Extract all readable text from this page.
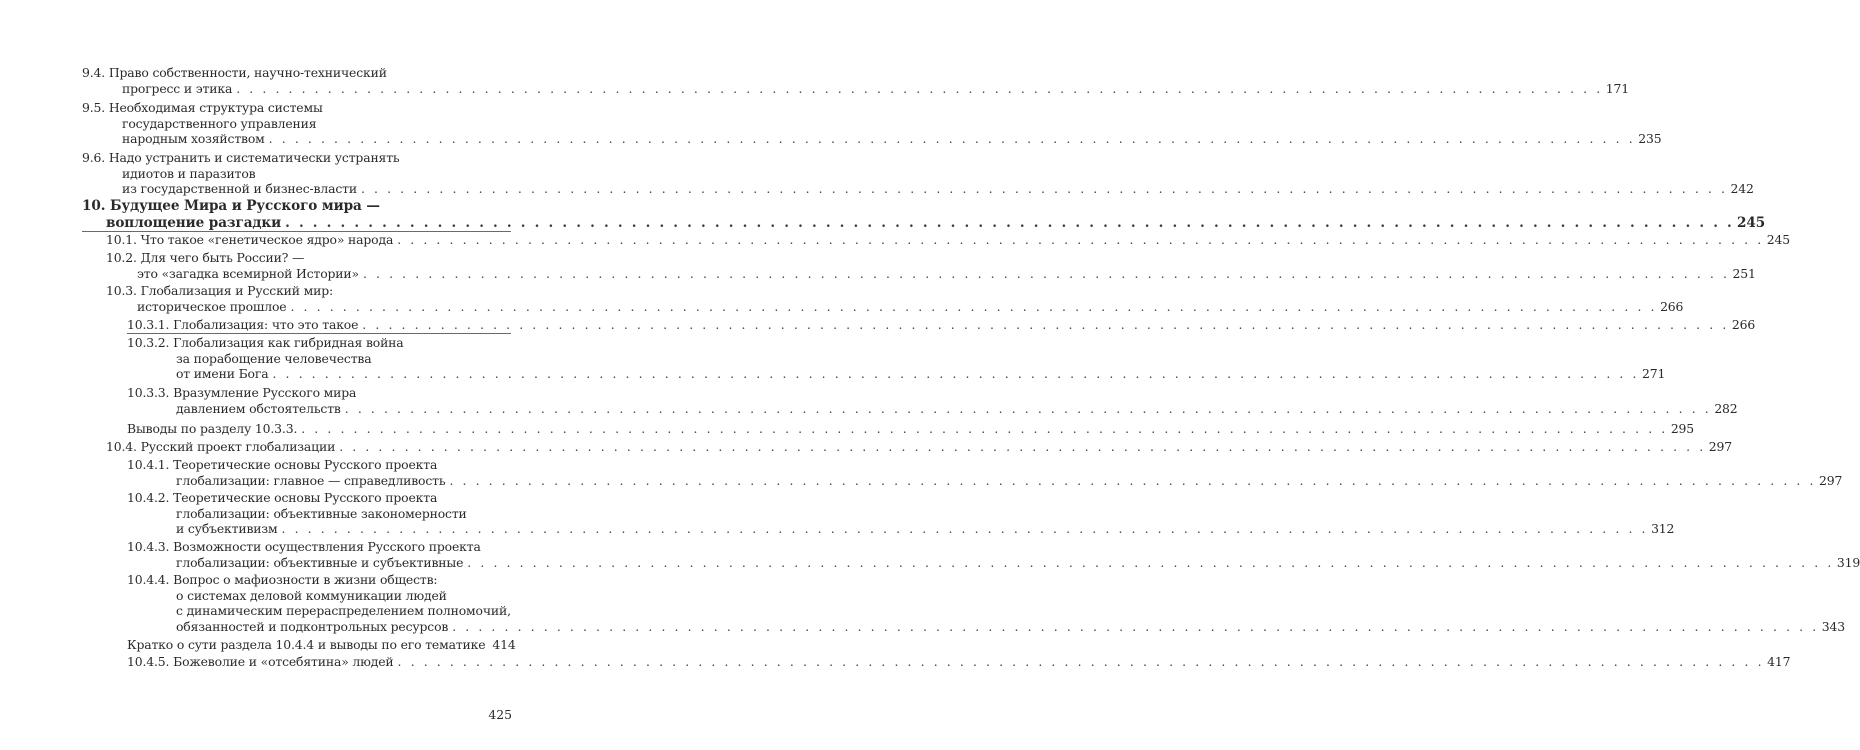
9.4. Право собственности, научно-технический
прогресс и этика . . .	171
9.5. Необходимая структура системы
государственного управления
народным хозяйством . . .	235
9.6. Надо устранить и систематически устранять
идиотов и паразитов
из государственной и бизнес-власти . . .	242
10. Будущее Мира и Русского мира —
воплощение разгадки . . .	245
10.1. Что такое «генетическое ядро» народа . . .	245
10.2. Для чего быть России? —
это «загадка всемирной Истории» . . .	251
10.3. Глобализация и Русский мир:
историческое прошлое . . .	266
10.3.1. Глобализация: что это такое . . .	266
10.3.2. Глобализация как гибридная война
за порабощение человечества
от имени Бога . . .	271
10.3.3. Вразумление Русского мира
давлением обстоятельств . . .	282
Выводы по разделу 10.3.3. . . .	295
10.4. Русский проект глобализации . . .	297
10.4.1. Теоретические основы Русского проекта
глобализации: главное — справедливость . . .	297
10.4.2. Теоретические основы Русского проекта
глобализации: объективные закономерности
и субъективизм . . .	312
10.4.3. Возможности осуществления Русского проекта
глобализации: объективные и субъективные . . .	319
10.4.4. Вопрос о мафиозности в жизни обществ:
о системах деловой коммуникации людей
с динамическим перераспределением полномочий,
обязанностей и подконтрольных ресурсов . . .	343
Кратко о сути раздела 10.4.4 и выводы по его тематике 414
10.4.5. Божеволие и «отсебятина» людей . . .	417
425
